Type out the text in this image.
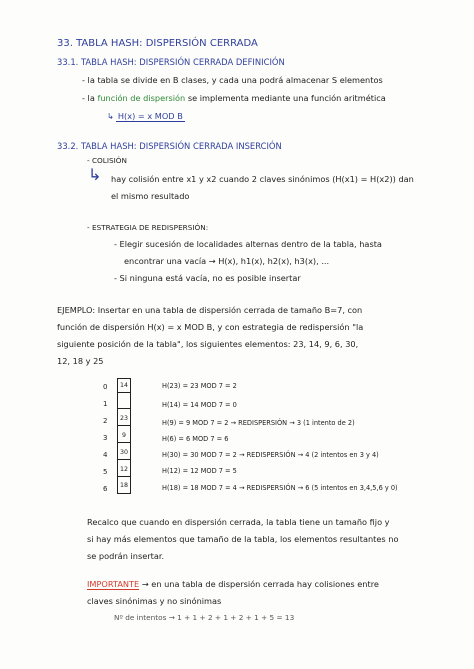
33. TABLA HASH: DISPERSIÓN CERRADA
33.1. TABLA HASH: DISPERSIÓN CERRADA DEFINICIÓN
- la tabla se divide en B clases, y cada una podrá almacenar S elementos
- la función de dispersión se implementa mediante una función aritmética
↳ H(x) = x MOD B
33.2. TABLA HASH: DISPERSIÓN CERRADA INSERCIÓN
- COLISIÓN
↳ hay colisión entre x1 y x2 cuando 2 claves sinónimos (H(x1) = H(x2)) dan
el mismo resultado
- ESTRATEGIA DE REDISPERSIÓN:
- Elegir sucesión de localidades alternas dentro de la tabla, hasta
encontrar una vacía → H(x), h1(x), h2(x), h3(x), ...
- Si ninguna está vacía, no es posible insertar
EJEMPLO: Insertar en una tabla de dispersión cerrada de tamaño B=7, con
función de dispersión H(x) = x MOD B, y con estrategia de redispersión "la
siguiente posición de la tabla", los siguientes elementos: 23, 14, 9, 6, 30,
12, 18 y 25
0
1
2
3
4
5
6
14
23
9
30
12
18
H(23) = 23 MOD 7 = 2
H(14) = 14 MOD 7 = 0
H(9) = 9 MOD 7 = 2 → REDISPERSIÓN → 3 (1 intento de 2)
H(6) = 6 MOD 7 = 6
H(30) = 30 MOD 7 = 2 → REDISPERSIÓN → 4 (2 intentos en 3 y 4)
H(12) = 12 MOD 7 = 5
H(18) = 18 MOD 7 = 4 → REDISPERSIÓN → 6 (5 intentos en 3,4,5,6 y 0)
Recalco que cuando en dispersión cerrada, la tabla tiene un tamaño fijo y
si hay más elementos que tamaño de la tabla, los elementos resultantes no
se podrán insertar.
IMPORTANTE → en una tabla de dispersión cerrada hay colisiones entre
claves sinónimas y no sinónimas
Nº de intentos → 1 + 1 + 2 + 1 + 2 + 1 + 5 = 13
